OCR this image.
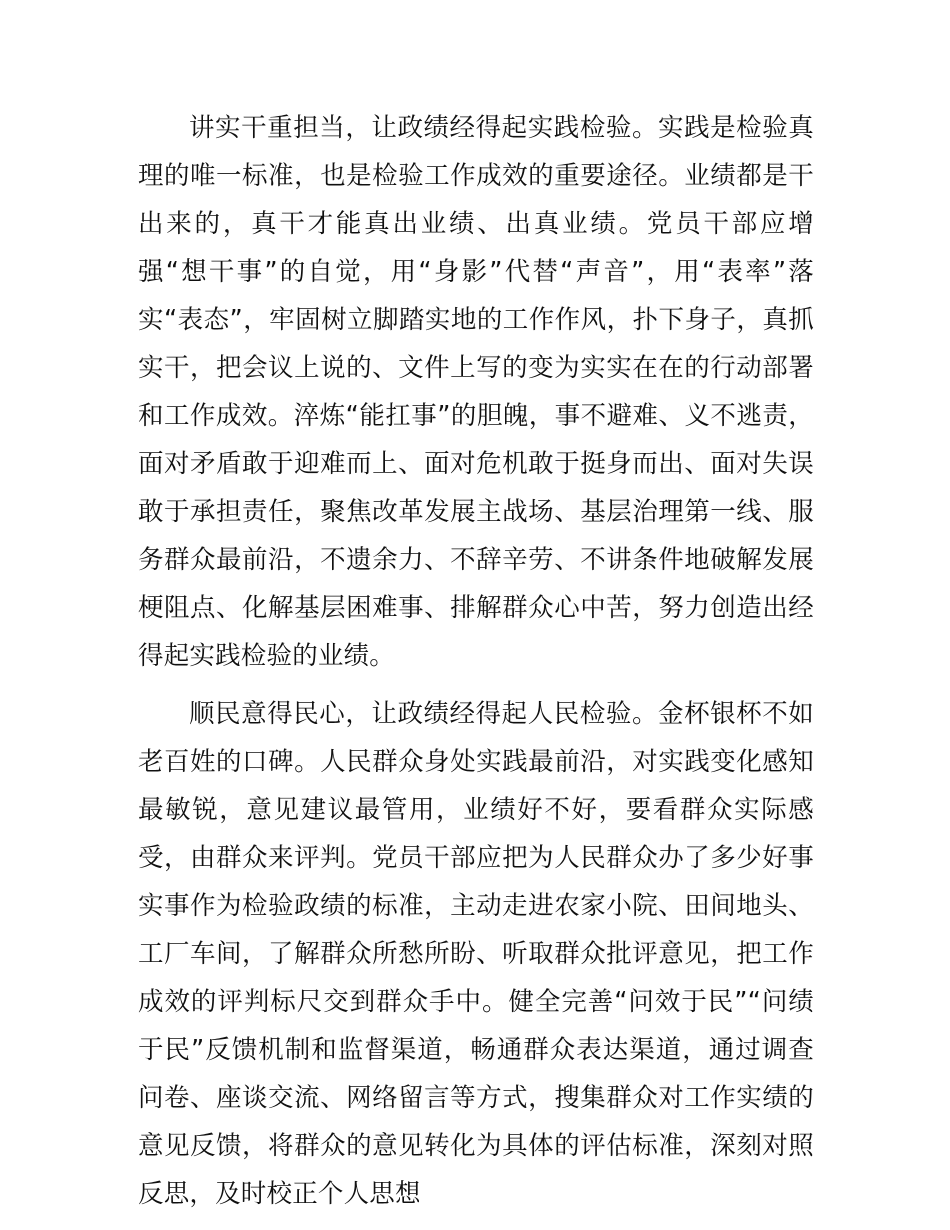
讲实干重担当，让政绩经得起实践检验。实践是检验真理的唯一标准，也是检验工作成效的重要途径。业绩都是干出来的，真干才能真出业绩、出真业绩。党员干部应增强“想干事”的自觉，用“身影”代替“声音”，用“表率”落实“表态”，牢固树立脚踏实地的工作作风，扑下身子，真抓实干，把会议上说的、文件上写的变为实实在在的行动部署和工作成效。淬炼“能扛事”的胆魄，事不避难、义不逃责，面对矛盾敢于迎难而上、面对危机敢于挺身而出、面对失误敢于承担责任，聚焦改革发展主战场、基层治理第一线、服务群众最前沿，不遗余力、不辞辛劳、不讲条件地破解发展梗阻点、化解基层困难事、排解群众心中苦，努力创造出经得起实践检验的业绩。

顺民意得民心，让政绩经得起人民检验。金杯银杯不如老百姓的口碑。人民群众身处实践最前沿，对实践变化感知最敏锐，意见建议最管用，业绩好不好，要看群众实际感受，由群众来评判。党员干部应把为人民群众办了多少好事实事作为检验政绩的标准，主动走进农家小院、田间地头、工厂车间，了解群众所愁所盼、听取群众批评意见，把工作成效的评判标尺交到群众手中。健全完善“问效于民”“问绩于民”反馈机制和监督渠道，畅通群众表达渠道，通过调查问卷、座谈交流、网络留言等方式，搜集群众对工作实绩的意见反馈，将群众的意见转化为具体的评估标准，深刻对照反思，及时校正个人思想
